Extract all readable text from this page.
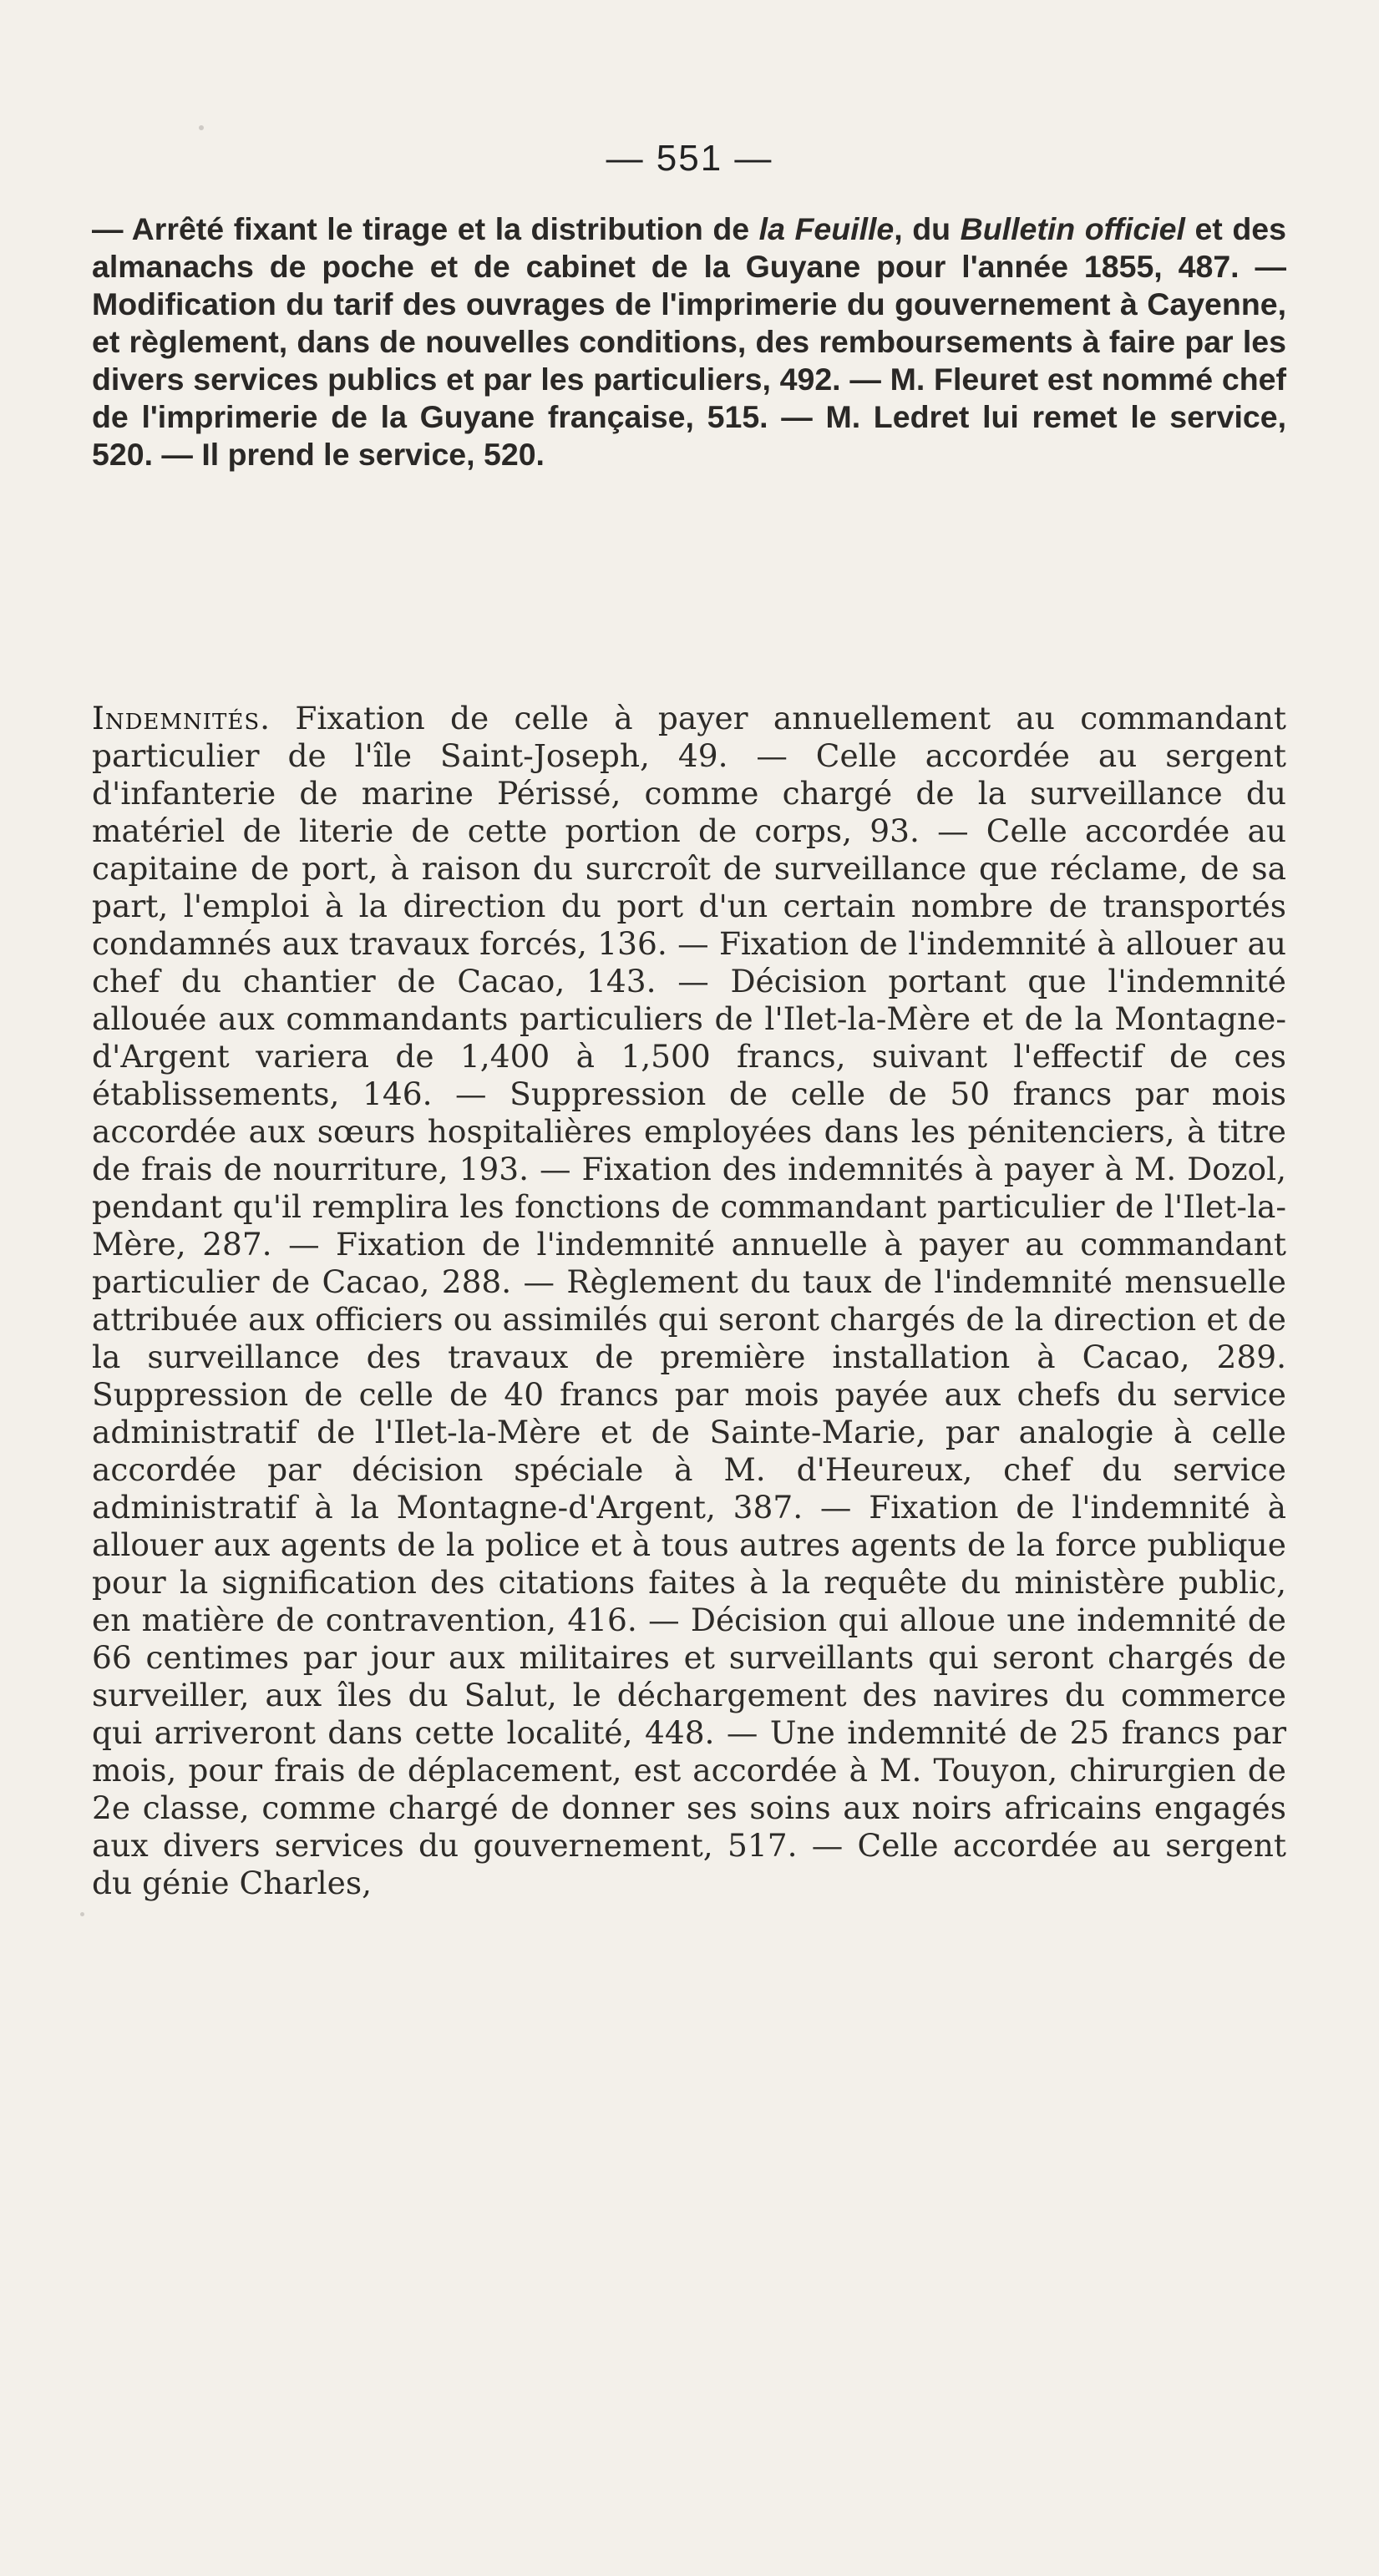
— 551 —

— Arrêté fixant le tirage et la distribution de la Feuille, du Bulletin officiel et des almanachs de poche et de cabinet de la Guyane pour l'année 1855, 487. — Modification du tarif des ouvrages de l'imprimerie du gouvernement à Cayenne, et règlement, dans de nouvelles conditions, des remboursements à faire par les divers services publics et par les particuliers, 492. — M. Fleuret est nommé chef de l'imprimerie de la Guyane française, 515. — M. Ledret lui remet le service, 520. — Il prend le service, 520.

Indemnités. Fixation de celle à payer annuellement au commandant particulier de l'île Saint-Joseph, 49. — Celle accordée au sergent d'infanterie de marine Périssé, comme chargé de la surveillance du matériel de literie de cette portion de corps, 93. — Celle accordée au capitaine de port, à raison du surcroît de surveillance que réclame, de sa part, l'emploi à la direction du port d'un certain nombre de transportés condamnés aux travaux forcés, 136. — Fixation de l'indemnité à allouer au chef du chantier de Cacao, 143. — Décision portant que l'indemnité allouée aux commandants particuliers de l'Ilet-la-Mère et de la Montagne-d'Argent variera de 1,400 à 1,500 francs, suivant l'effectif de ces établissements, 146. — Suppression de celle de 50 francs par mois accordée aux sœurs hospitalières employées dans les pénitenciers, à titre de frais de nourriture, 193. — Fixation des indemnités à payer à M. Dozol, pendant qu'il remplira les fonctions de commandant particulier de l'Ilet-la-Mère, 287. — Fixation de l'indemnité annuelle à payer au commandant particulier de Cacao, 288. — Règlement du taux de l'indemnité mensuelle attribuée aux officiers ou assimilés qui seront chargés de la direction et de la surveillance des travaux de première installation à Cacao, 289. Suppression de celle de 40 francs par mois payée aux chefs du service administratif de l'Ilet-la-Mère et de Sainte-Marie, par analogie à celle accordée par décision spéciale à M. d'Heureux, chef du service administratif à la Montagne-d'Argent, 387. — Fixation de l'indemnité à allouer aux agents de la police et à tous autres agents de la force publique pour la signification des citations faites à la requête du ministère public, en matière de contravention, 416. — Décision qui alloue une indemnité de 66 centimes par jour aux militaires et surveillants qui seront chargés de surveiller, aux îles du Salut, le déchargement des navires du commerce qui arriveront dans cette localité, 448. — Une indemnité de 25 francs par mois, pour frais de déplacement, est accordée à M. Touyon, chirurgien de 2e classe, comme chargé de donner ses soins aux noirs africains engagés aux divers services du gouvernement, 517. — Celle accordée au sergent du génie Charles,
